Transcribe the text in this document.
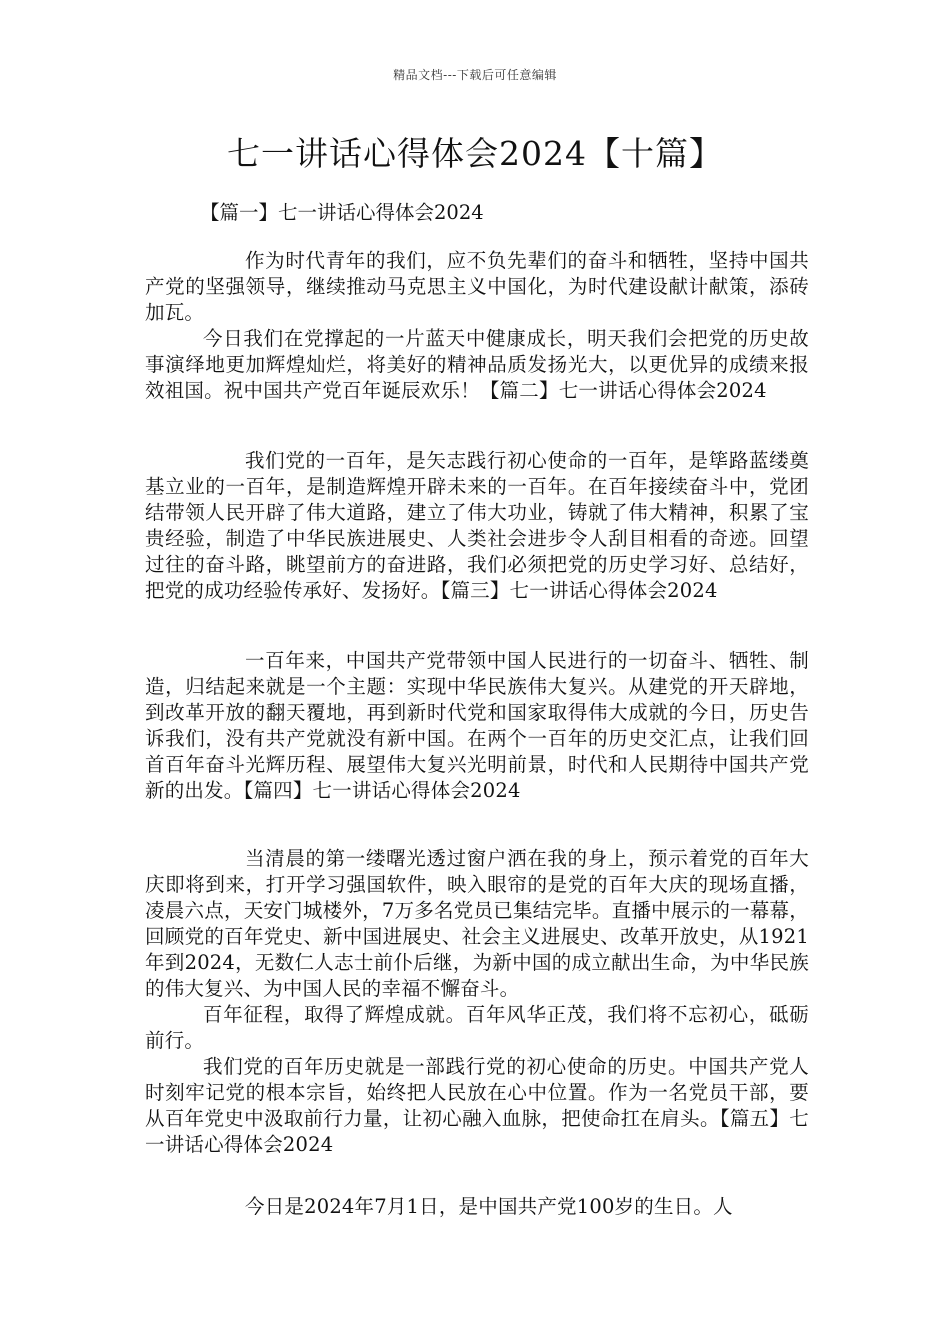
精品文档---下载后可任意编辑
七一讲话心得体会2024【十篇】
【篇一】七一讲话心得体会2024

作为时代青年的我们，应不负先辈们的奋斗和牺牲，坚持中国共产党的坚强领导，继续推动马克思主义中国化，为时代建设献计献策，添砖加瓦。

今日我们在党撑起的一片蓝天中健康成长，明天我们会把党的历史故事演绎地更加辉煌灿烂，将美好的精神品质发扬光大，以更优异的成绩来报效祖国。祝中国共产党百年诞辰欢乐！【篇二】七一讲话心得体会2024

我们党的一百年，是矢志践行初心使命的一百年，是筚路蓝缕奠基立业的一百年，是制造辉煌开辟未来的一百年。在百年接续奋斗中，党团结带领人民开辟了伟大道路，建立了伟大功业，铸就了伟大精神，积累了宝贵经验，制造了中华民族进展史、人类社会进步令人刮目相看的奇迹。回望过往的奋斗路，眺望前方的奋进路，我们必须把党的历史学习好、总结好，把党的成功经验传承好、发扬好。【篇三】七一讲话心得体会2024

一百年来，中国共产党带领中国人民进行的一切奋斗、牺牲、制造，归结起来就是一个主题：实现中华民族伟大复兴。从建党的开天辟地，到改革开放的翻天覆地，再到新时代党和国家取得伟大成就的今日，历史告诉我们，没有共产党就没有新中国。在两个一百年的历史交汇点，让我们回首百年奋斗光辉历程、展望伟大复兴光明前景，时代和人民期待中国共产党新的出发。【篇四】七一讲话心得体会2024

当清晨的第一缕曙光透过窗户洒在我的身上，预示着党的百年大庆即将到来，打开学习强国软件，映入眼帘的是党的百年大庆的现场直播，凌晨六点，天安门城楼外，7万多名党员已集结完毕。直播中展示的一幕幕，回顾党的百年党史、新中国进展史、社会主义进展史、改革开放史，从1921年到2024，无数仁人志士前仆后继，为新中国的成立献出生命，为中华民族的伟大复兴、为中国人民的幸福不懈奋斗。

百年征程，取得了辉煌成就。百年风华正茂，我们将不忘初心，砥砺前行。

我们党的百年历史就是一部践行党的初心使命的历史。中国共产党人时刻牢记党的根本宗旨，始终把人民放在心中位置。作为一名党员干部，要从百年党史中汲取前行力量，让初心融入血脉，把使命扛在肩头。【篇五】七一讲话心得体会2024

今日是2024年7月1日，是中国共产党100岁的生日。人
